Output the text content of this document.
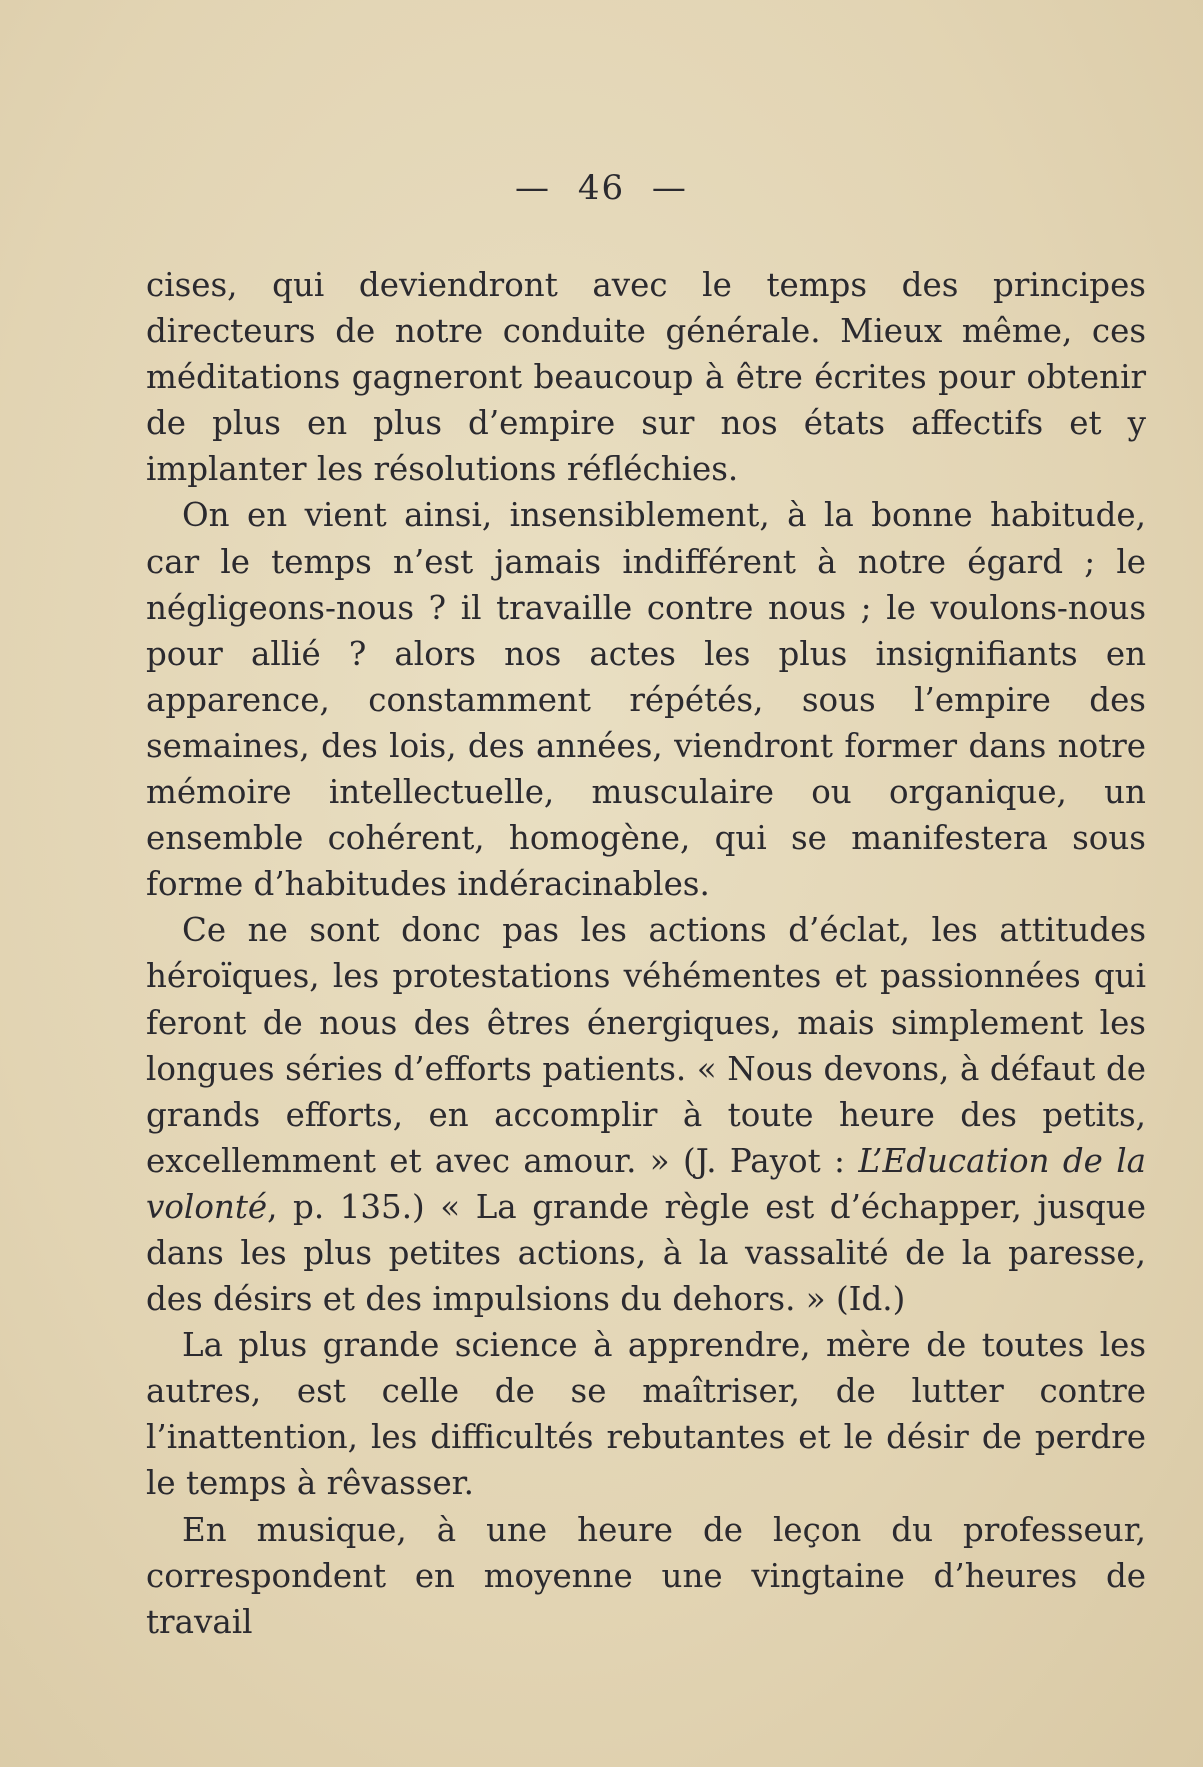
— 46 —

cises, qui deviendront avec le temps des principes directeurs de notre conduite générale. Mieux même, ces méditations gagneront beaucoup à être écrites pour obtenir de plus en plus d’empire sur nos états affectifs et y implanter les résolutions réfléchies.

On en vient ainsi, insensiblement, à la bonne habitude, car le temps n’est jamais indifférent à notre égard ; le négligeons-nous ? il travaille contre nous ; le voulons-nous pour allié ? alors nos actes les plus insignifiants en apparence, constamment répétés, sous l’empire des semaines, des lois, des années, viendront former dans notre mémoire intellectuelle, musculaire ou organique, un ensemble cohérent, homogène, qui se manifestera sous forme d’habitudes indéracinables.

Ce ne sont donc pas les actions d’éclat, les attitudes héroïques, les protestations véhémentes et passionnées qui feront de nous des êtres énergiques, mais simplement les longues séries d’efforts patients. « Nous devons, à défaut de grands efforts, en accomplir à toute heure des petits, excellemment et avec amour. » (J. Payot : L’Education de la volonté, p. 135.) « La grande règle est d’échapper, jusque dans les plus petites actions, à la vassalité de la paresse, des désirs et des impulsions du dehors. » (Id.)

La plus grande science à apprendre, mère de toutes les autres, est celle de se maîtriser, de lutter contre l’inattention, les difficultés rebutantes et le désir de perdre le temps à rêvasser.

En musique, à une heure de leçon du professeur, correspondent en moyenne une vingtaine d’heures de travail
